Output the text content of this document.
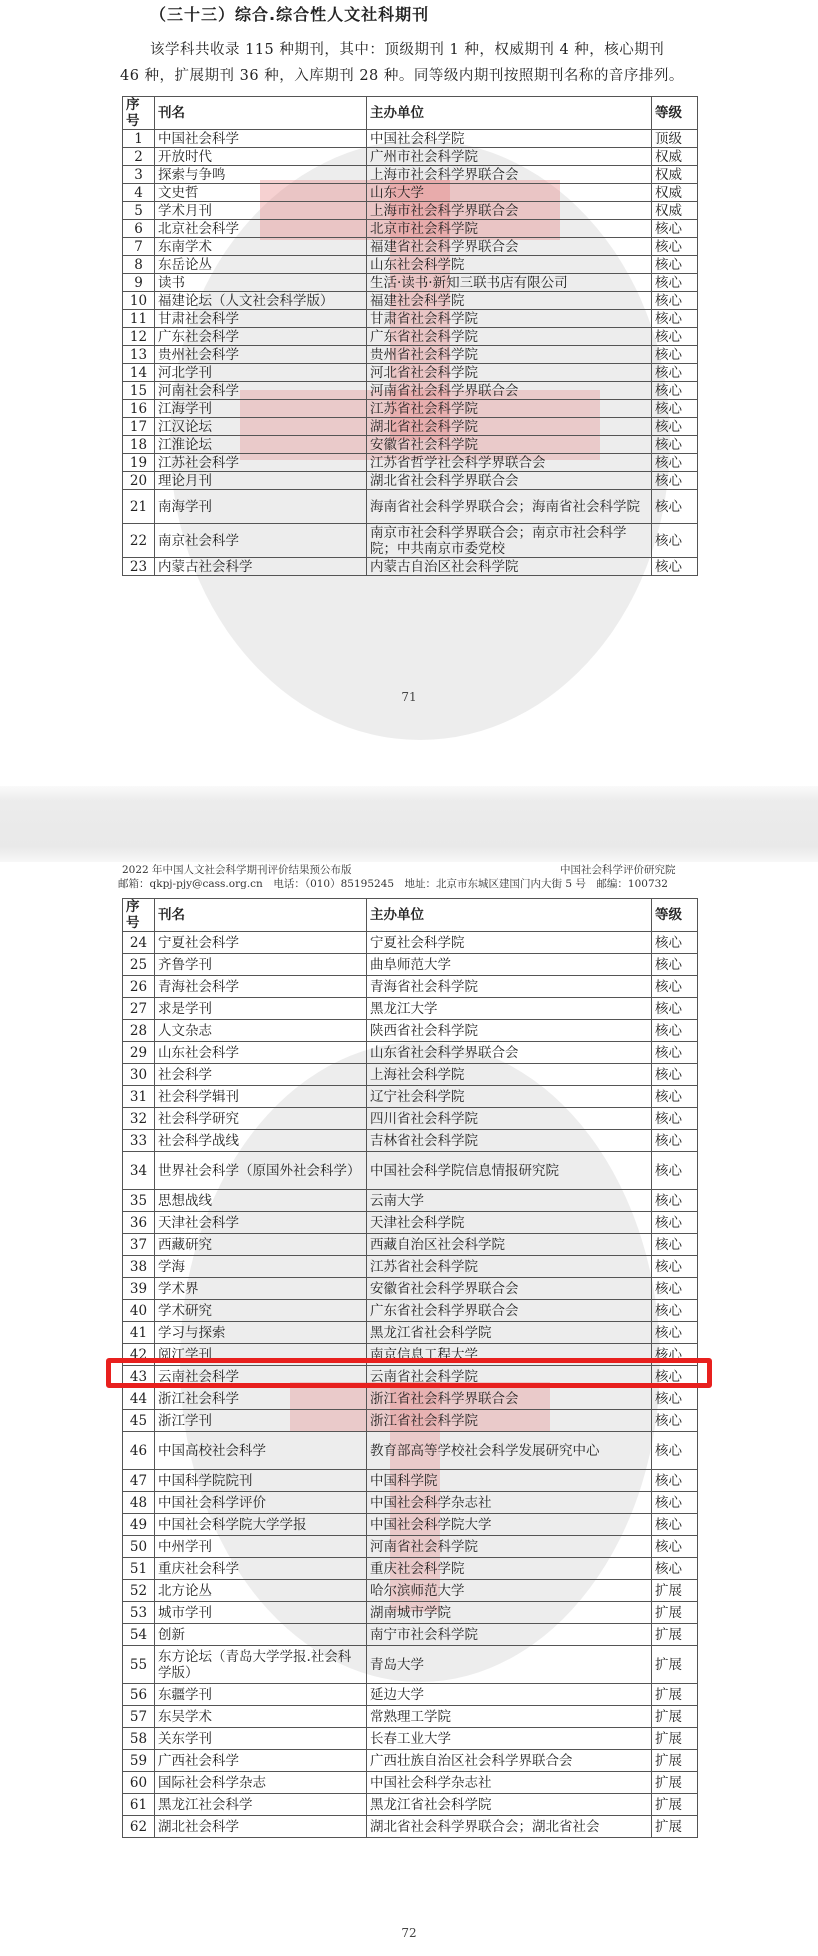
（三十三）综合.综合性人文社科期刊
该学科共收录 115 种期刊，其中：顶级期刊 1 种，权威期刊 4 种，核心期刊
46 种，扩展期刊 36 种，入库期刊 28 种。同等级内期刊按照期刊名称的音序排列。
序号	刊名	主办单位	等级
1	中国社会科学	中国社会科学院	顶级
2	开放时代	广州市社会科学院	权威
3	探索与争鸣	上海市社会科学界联合会	权威
4	文史哲	山东大学	权威
5	学术月刊	上海市社会科学界联合会	权威
6	北京社会科学	北京市社会科学院	核心
7	东南学术	福建省社会科学界联合会	核心
8	东岳论丛	山东社会科学院	核心
9	读书	生活·读书·新知三联书店有限公司	核心
10	福建论坛（人文社会科学版）	福建社会科学院	核心
11	甘肃社会科学	甘肃省社会科学院	核心
12	广东社会科学	广东省社会科学院	核心
13	贵州社会科学	贵州省社会科学院	核心
14	河北学刊	河北省社会科学院	核心
15	河南社会科学	河南省社会科学界联合会	核心
16	江海学刊	江苏省社会科学院	核心
17	江汉论坛	湖北省社会科学院	核心
18	江淮论坛	安徽省社会科学院	核心
19	江苏社会科学	江苏省哲学社会科学界联合会	核心
20	理论月刊	湖北省社会科学界联合会	核心
21	南海学刊	海南省社会科学界联合会；海南省社会科学院	核心
22	南京社会科学	南京市社会科学界联合会；南京市社会科学院；中共南京市委党校	核心
23	内蒙古社会科学	内蒙古自治区社会科学院	核心
71
2022 年中国人文社会科学期刊评价结果预公布版	中国社会科学评价研究院
邮箱：qkpj-pjy@cass.org.cn　电话：（010）85195245　地址：北京市东城区建国门内大街 5 号　邮编：100732
序号	刊名	主办单位	等级
24	宁夏社会科学	宁夏社会科学院	核心
25	齐鲁学刊	曲阜师范大学	核心
26	青海社会科学	青海省社会科学院	核心
27	求是学刊	黑龙江大学	核心
28	人文杂志	陕西省社会科学院	核心
29	山东社会科学	山东省社会科学界联合会	核心
30	社会科学	上海社会科学院	核心
31	社会科学辑刊	辽宁社会科学院	核心
32	社会科学研究	四川省社会科学院	核心
33	社会科学战线	吉林省社会科学院	核心
34	世界社会科学（原国外社会科学）	中国社会科学院信息情报研究院	核心
35	思想战线	云南大学	核心
36	天津社会科学	天津社会科学院	核心
37	西藏研究	西藏自治区社会科学院	核心
38	学海	江苏省社会科学院	核心
39	学术界	安徽省社会科学界联合会	核心
40	学术研究	广东省社会科学界联合会	核心
41	学习与探索	黑龙江省社会科学院	核心
42	阅江学刊	南京信息工程大学	核心
43	云南社会科学	云南省社会科学院	核心
44	浙江社会科学	浙江省社会科学界联合会	核心
45	浙江学刊	浙江省社会科学院	核心
46	中国高校社会科学	教育部高等学校社会科学发展研究中心	核心
47	中国科学院院刊	中国科学院	核心
48	中国社会科学评价	中国社会科学杂志社	核心
49	中国社会科学院大学学报	中国社会科学院大学	核心
50	中州学刊	河南省社会科学院	核心
51	重庆社会科学	重庆社会科学院	核心
52	北方论丛	哈尔滨师范大学	扩展
53	城市学刊	湖南城市学院	扩展
54	创新	南宁市社会科学院	扩展
55	东方论坛（青岛大学学报.社会科学版）	青岛大学	扩展
56	东疆学刊	延边大学	扩展
57	东吴学术	常熟理工学院	扩展
58	关东学刊	长春工业大学	扩展
59	广西社会科学	广西壮族自治区社会科学界联合会	扩展
60	国际社会科学杂志	中国社会科学杂志社	扩展
61	黑龙江社会科学	黑龙江省社会科学院	扩展
62	湖北社会科学	湖北省社会科学界联合会；湖北省社会	扩展
72
